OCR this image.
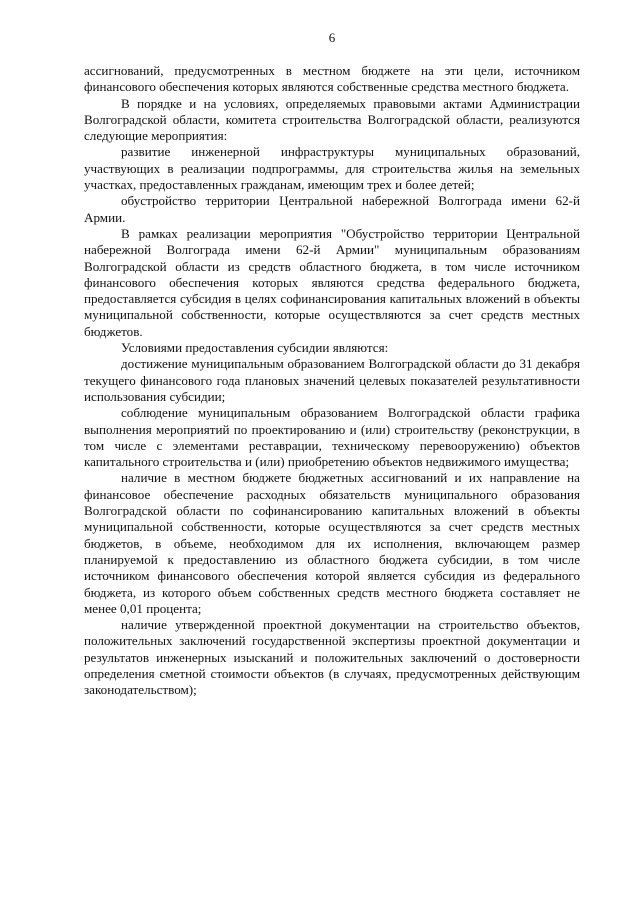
6

ассигнований, предусмотренных в местном бюджете на эти цели, источником финансового обеспечения которых являются собственные средства местного бюджета.

В порядке и на условиях, определяемых правовыми актами Администрации Волгоградской области, комитета строительства Волгоградской области, реализуются следующие мероприятия:

развитие инженерной инфраструктуры муниципальных образований, участвующих в реализации подпрограммы, для строительства жилья на земельных участках, предоставленных гражданам, имеющим трех и более детей;

обустройство территории Центральной набережной Волгограда имени 62-й Армии.

В рамках реализации мероприятия "Обустройство территории Центральной набережной Волгограда имени 62-й Армии" муниципальным образованиям Волгоградской области из средств областного бюджета, в том числе источником финансового обеспечения которых являются средства федерального бюджета, предоставляется субсидия в целях софинансирования капитальных вложений в объекты муниципальной собственности, которые осуществляются за счет средств местных бюджетов.

Условиями предоставления субсидии являются:

достижение муниципальным образованием Волгоградской области до 31 декабря текущего финансового года плановых значений целевых показателей результативности использования субсидии;

соблюдение муниципальным образованием Волгоградской области графика выполнения мероприятий по проектированию и (или) строительству (реконструкции, в том числе с элементами реставрации, техническому перевооружению) объектов капитального строительства и (или) приобретению объектов недвижимого имущества;

наличие в местном бюджете бюджетных ассигнований и их направление на финансовое обеспечение расходных обязательств муниципального образования Волгоградской области по софинансированию капитальных вложений в объекты муниципальной собственности, которые осуществляются за счет средств местных бюджетов, в объеме, необходимом для их исполнения, включающем размер планируемой к предоставлению из областного бюджета субсидии, в том числе источником финансового обеспечения которой является субсидия из федерального бюджета, из которого объем собственных средств местного бюджета составляет не менее 0,01 процента;

наличие утвержденной проектной документации на строительство объектов, положительных заключений государственной экспертизы проектной документации и результатов инженерных изысканий и положительных заключений о достоверности определения сметной стоимости объектов (в случаях, предусмотренных действующим законодательством);
